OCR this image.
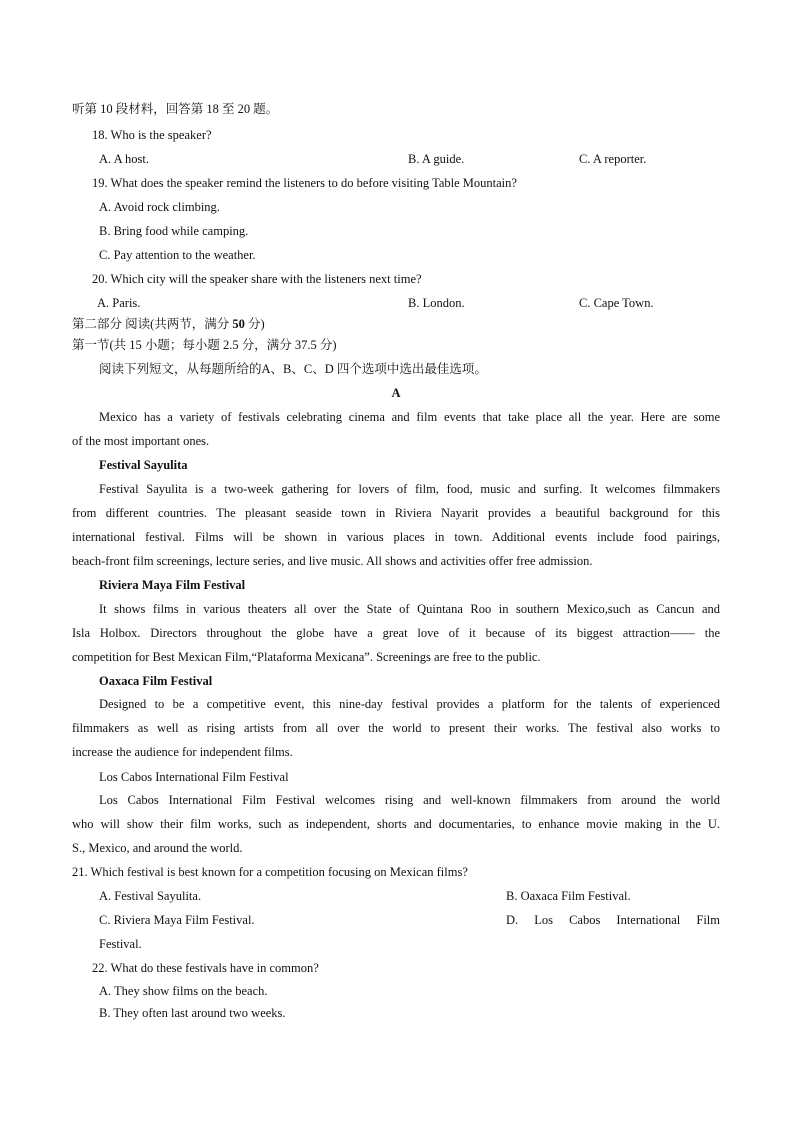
听第 10 段材料，回答第 18 至 20 题。
18. Who is the speaker?
A. A host.	B. A guide.	C. A reporter.
19. What does the speaker remind the listeners to do before visiting Table Mountain?
A. Avoid rock climbing.
B. Bring food while camping.
C. Pay attention to the weather.
20. Which city will the speaker share with the listeners next time?
A. Paris.	B. London.	C. Cape Town.
第二部分 阅读(共两节，满分 50 分)
第一节(共 15 小题；每小题 2.5 分，满分 37.5 分)
阅读下列短文，从每题所给的A、B、C、D 四个选项中选出最佳选项。
A
Mexico has a variety of festivals celebrating cinema and film events that take place all the year. Here are some
of the most important ones.
Festival Sayulita
Festival Sayulita is a two-week gathering for lovers of film, food, music and surfing. It welcomes filmmakers
from different countries. The pleasant seaside town in Riviera Nayarit provides a beautiful background for this
international festival. Films will be shown in various places in town. Additional events include food pairings,
beach-front film screenings, lecture series, and live music. All shows and activities offer free admission.
Riviera Maya Film Festival
It shows films in various theaters all over the State of Quintana Roo in southern Mexico,such as Cancun and
Isla Holbox. Directors throughout the globe have a great love of it because of its biggest attraction—— the
competition for Best Mexican Film,“Plataforma Mexicana”. Screenings are free to the public.
Oaxaca Film Festival
Designed to be a competitive event, this nine-day festival provides a platform for the talents of experienced
filmmakers as well as rising artists from all over the world to present their works. The festival also works to
increase the audience for independent films.
Los Cabos International Film Festival
Los Cabos International Film Festival welcomes rising and well-known filmmakers from around the world
who will show their film works, such as independent, shorts and documentaries, to enhance movie making in the U.
S., Mexico, and around the world.
21. Which festival is best known for a competition focusing on Mexican films?
A. Festival Sayulita.	B. Oaxaca Film Festival.
C. Riviera Maya Film Festival.	D. Los Cabos International Film
Festival.
22. What do these festivals have in common?
A. They show films on the beach.
B. They often last around two weeks.
